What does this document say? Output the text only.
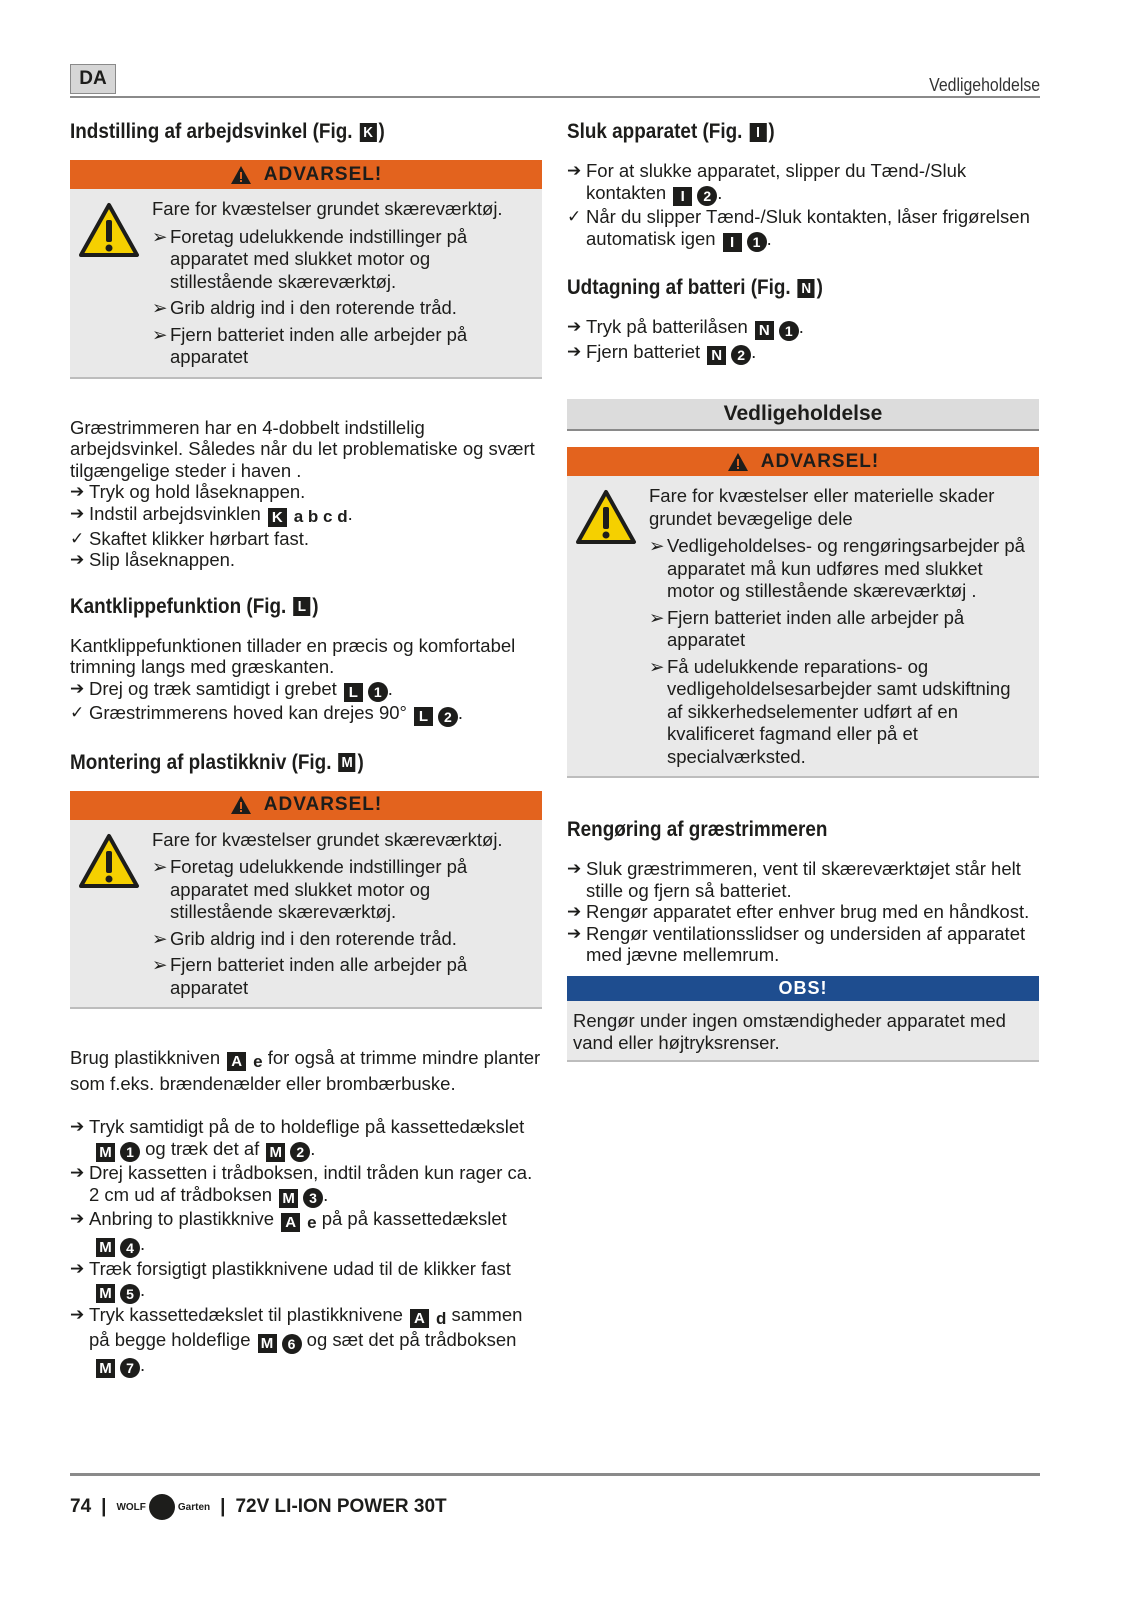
DA	Vedligeholdelse
Indstilling af arbejdsvinkel (Fig.
K )
ADVARSEL!

Fare for kvæstelser grundet skæreværktøj.

➢ Foretag udelukkende indstillinger på apparatet med slukket motor og stillestående skæreværktøj.
➢ Grib aldrig ind i den roterende tråd.
➢ Fjern batteriet inden alle arbejder på apparatet

Græstrimmeren har en 4-dobbelt indstillelig arbejdsvinkel. Således når du let problematiske og svært tilgængelige steder i haven .

➔ Tryk og hold låseknappen.
➔ Indstil arbejdsvinklen K a b c d .
✓ Skaftet klikker hørbart fast.
➔ Slip låseknappen.
Kantklippefunktion (Fig.
L )

Kantklippefunktionen tillader en præcis og komfortabel trimning langs med græskanten.

➔ Drej og træk samtidigt i grebet L	1 .
✓ Græstrimmerens hoved kan drejes 90° L	2 .
Montering af plastikkniv (Fig.
M )
ADVARSEL!

Fare for kvæstelser grundet skæreværktøj.

➢ Foretag udelukkende indstillinger på apparatet med slukket motor og stillestående skæreværktøj.
➢ Grib aldrig ind i den roterende tråd.
➢ Fjern batteriet inden alle arbejder på apparatet

Brug plastikkniven A e for også at trimme mindre planter som f.eks. brændenælder eller brombærbuske.

➔ Tryk samtidigt på de to holdeflige på kassettedækslet
M	1 og træk det af M	2 .
➔ Drej kassetten i trådboksen, indtil tråden kun rager ca. 2 cm ud af trådboksen M	3 .
➔ Anbring to plastikknive A e på på kassettedækslet
M	4 .
➔ Træk forsigtigt plastikknivene udad til de klikker fast
M	5 .
➔ Tryk kassettedækslet til plastikknivene A d sammen på begge holdeflige M	6 og sæt det på trådboksen
M	7 .
Sluk apparatet (Fig.
I )
➔ For at slukke apparatet, slipper du Tænd-/Sluk kontakten I	2 .
✓ Når du slipper Tænd-/Sluk kontakten, låser frigørelsen automatisk igen I	1 .
Udtagning af batteri (Fig.
N )
➔ Tryk på batterilåsen N	1 .
➔ Fjern batteriet N	2 .
Vedligeholdelse
ADVARSEL!

Fare for kvæstelser eller materielle skader grundet bevægelige dele

➢ Vedligeholdelses- og rengøringsarbejder på apparatet må kun udføres med slukket motor og stillestående skæreværktøj .
➢ Fjern batteriet inden alle arbejder på apparatet
➢ Få udelukkende reparations- og vedligeholdelsesarbejder samt udskiftning af sikkerhedselementer udført af en kvalificeret fagmand eller på et specialværksted.
Rengøring af græstrimmeren
➔ Sluk græstrimmeren, vent til skæreværktøjet står helt stille og fjern så batteriet.
➔ Rengør apparatet efter enhver brug med en håndkost.
➔ Rengør ventilationsslidser og undersiden af apparatet med jævne mellemrum.
OBS!
Rengør under ingen omstændigheder apparatet med vand eller højtryksrenser.
74 | WOLF	Garten | 72V LI-ION POWER 30T
